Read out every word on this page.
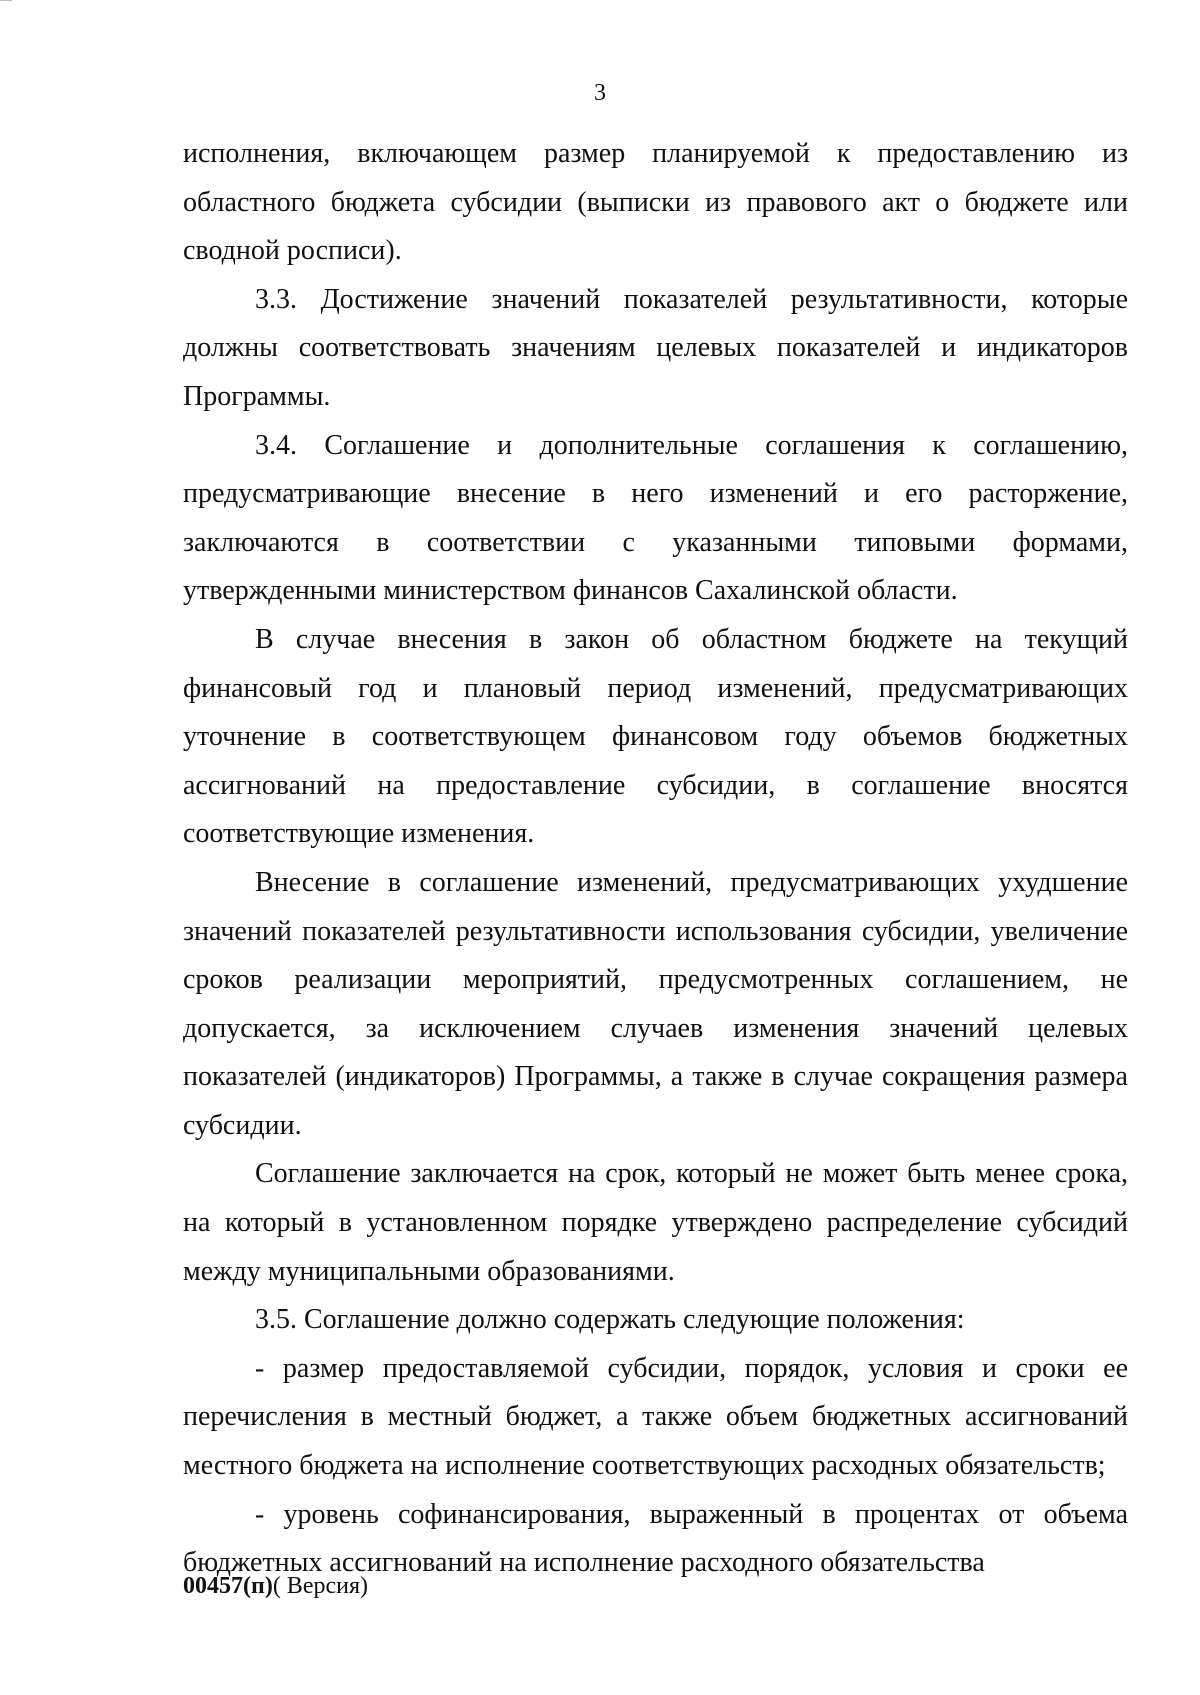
3

исполнения, включающем размер планируемой к предоставлению из областного бюджета субсидии (выписки из правового акт о бюджете или сводной росписи).

3.3. Достижение значений показателей результативности, которые должны соответствовать значениям целевых показателей и индикаторов Программы.

3.4. Соглашение и дополнительные соглашения к соглашению, предусматривающие внесение в него изменений и его расторжение, заключаются в соответствии с указанными типовыми формами, утвержденными министерством финансов Сахалинской области.

В случае внесения в закон об областном бюджете на текущий финансовый год и плановый период изменений, предусматривающих уточнение в соответствующем финансовом году объемов бюджетных ассигнований на предоставление субсидии, в соглашение вносятся соответствующие изменения.

Внесение в соглашение изменений, предусматривающих ухудшение значений показателей результативности использования субсидии, увеличение сроков реализации мероприятий, предусмотренных соглашением, не допускается, за исключением случаев изменения значений целевых показателей (индикаторов) Программы, а также в случае сокращения размера субсидии.

Соглашение заключается на срок, который не может быть менее срока, на который в установленном порядке утверждено распределение субсидий между муниципальными образованиями.

3.5. Соглашение должно содержать следующие положения:

- размер предоставляемой субсидии, порядок, условия и сроки ее перечисления в местный бюджет, а также объем бюджетных ассигнований местного бюджета на исполнение соответствующих расходных обязательств;

- уровень софинансирования, выраженный в процентах от объема бюджетных ассигнований на исполнение расходного обязательства

00457(п)( Версия)
